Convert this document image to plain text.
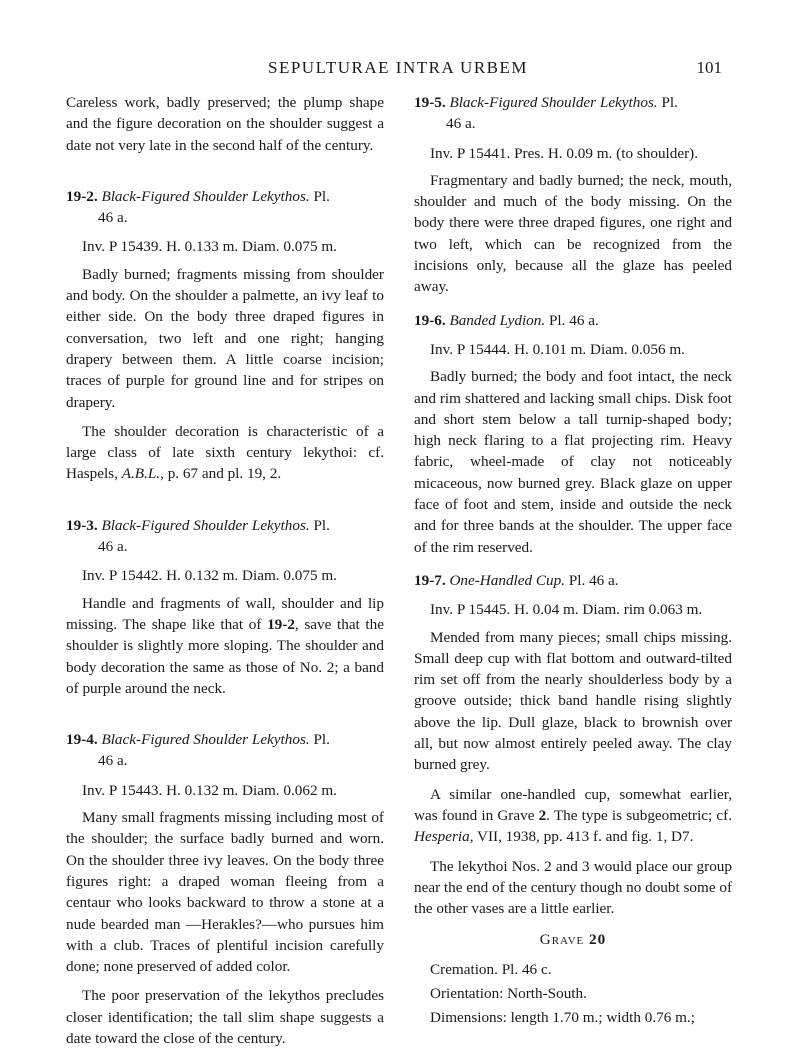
SEPULTURAE INTRA URBEM	101

Careless work, badly preserved; the plump shape and the figure decoration on the shoulder suggest a date not very late in the second half of the century.

19-2. Black-Figured Shoulder Lekythos. Pl.
46 a.

Inv. P 15439. H. 0.133 m. Diam. 0.075 m.

Badly burned; fragments missing from shoulder and body. On the shoulder a palmette, an ivy leaf to either side. On the body three draped figures in conversation, two left and one right; hanging drapery between them. A little coarse incision; traces of purple for ground line and for stripes on drapery.

The shoulder decoration is characteristic of a large class of late sixth century lekythoi: cf. Haspels, A.B.L., p. 67 and pl. 19, 2.

19-3. Black-Figured Shoulder Lekythos. Pl.
46 a.

Inv. P 15442. H. 0.132 m. Diam. 0.075 m.

Handle and fragments of wall, shoulder and lip missing. The shape like that of 19-2, save that the shoulder is slightly more sloping. The shoulder and body decoration the same as those of No. 2; a band of purple around the neck.

19-4. Black-Figured Shoulder Lekythos. Pl.
46 a.

Inv. P 15443. H. 0.132 m. Diam. 0.062 m.

Many small fragments missing including most of the shoulder; the surface badly burned and worn. On the shoulder three ivy leaves. On the body three figures right: a draped woman fleeing from a centaur who looks backward to throw a stone at a nude bearded man —Herakles?—who pursues him with a club. Traces of plentiful incision carefully done; none preserved of added color.

The poor preservation of the lekythos precludes closer identification; the tall slim shape suggests a date toward the close of the century.

19-5. Black-Figured Shoulder Lekythos. Pl.
46 a.

Inv. P 15441. Pres. H. 0.09 m. (to shoulder).

Fragmentary and badly burned; the neck, mouth, shoulder and much of the body missing. On the body there were three draped figures, one right and two left, which can be recognized from the incisions only, because all the glaze has peeled away.

19-6. Banded Lydion. Pl. 46 a.

Inv. P 15444. H. 0.101 m. Diam. 0.056 m.

Badly burned; the body and foot intact, the neck and rim shattered and lacking small chips. Disk foot and short stem below a tall turnip-shaped body; high neck flaring to a flat projecting rim. Heavy fabric, wheel-made of clay not noticeably micaceous, now burned grey. Black glaze on upper face of foot and stem, inside and outside the neck and for three bands at the shoulder. The upper face of the rim reserved.

19-7. One-Handled Cup. Pl. 46 a.

Inv. P 15445. H. 0.04 m. Diam. rim 0.063 m.

Mended from many pieces; small chips missing. Small deep cup with flat bottom and outward-tilted rim set off from the nearly shoulderless body by a groove outside; thick band handle rising slightly above the lip. Dull glaze, black to brownish over all, but now almost entirely peeled away. The clay burned grey.

A similar one-handled cup, somewhat earlier, was found in Grave 2. The type is subgeometric; cf. Hesperia, VII, 1938, pp. 413 f. and fig. 1, D7.

The lekythoi Nos. 2 and 3 would place our group near the end of the century though no doubt some of the other vases are a little earlier.

Grave 20

Cremation. Pl. 46 c.

Orientation: North-South.

Dimensions: length 1.70 m.; width 0.76 m.;
